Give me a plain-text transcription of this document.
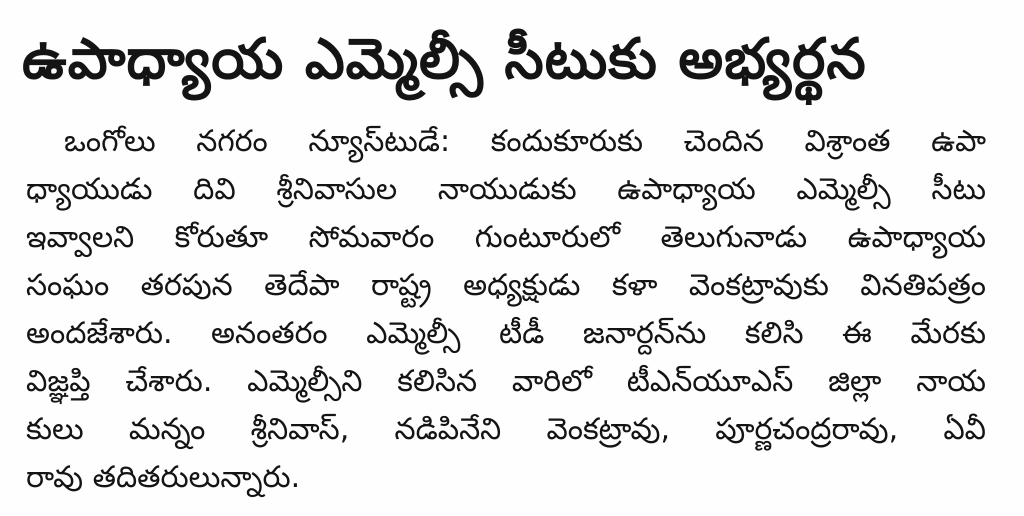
ఉపాధ్యాయ ఎమ్మెల్సీ సీటుకు అభ్యర్థన
ఒంగోలు నగరం న్యూస్‌టుడే: కందుకూరుకు చెందిన విశ్రాంత ఉపా
ధ్యాయుడు దివి శ్రీనివాసుల నాయుడుకు ఉపాధ్యాయ ఎమ్మెల్సీ సీటు
ఇవ్వాలని కోరుతూ సోమవారం గుంటూరులో తెలుగునాడు ఉపాధ్యాయ
సంఘం తరపున తెదేపా రాష్ట్ర అధ్యక్షుడు కళా వెంకట్రావుకు వినతిపత్రం
అందజేశారు. అనంతరం ఎమ్మెల్సీ టీడీ జనార్దన్‌ను కలిసి ఈ మేరకు
విజ్ఞప్తి చేశారు. ఎమ్మెల్సీని కలిసిన వారిలో టీఎన్‌యూఎస్ జిల్లా నాయ
కులు మన్నం శ్రీనివాస్, నడిపినేని వెంకట్రావు, పూర్ణచంద్రరావు, ఏవీ
రావు తదితరులున్నారు.
